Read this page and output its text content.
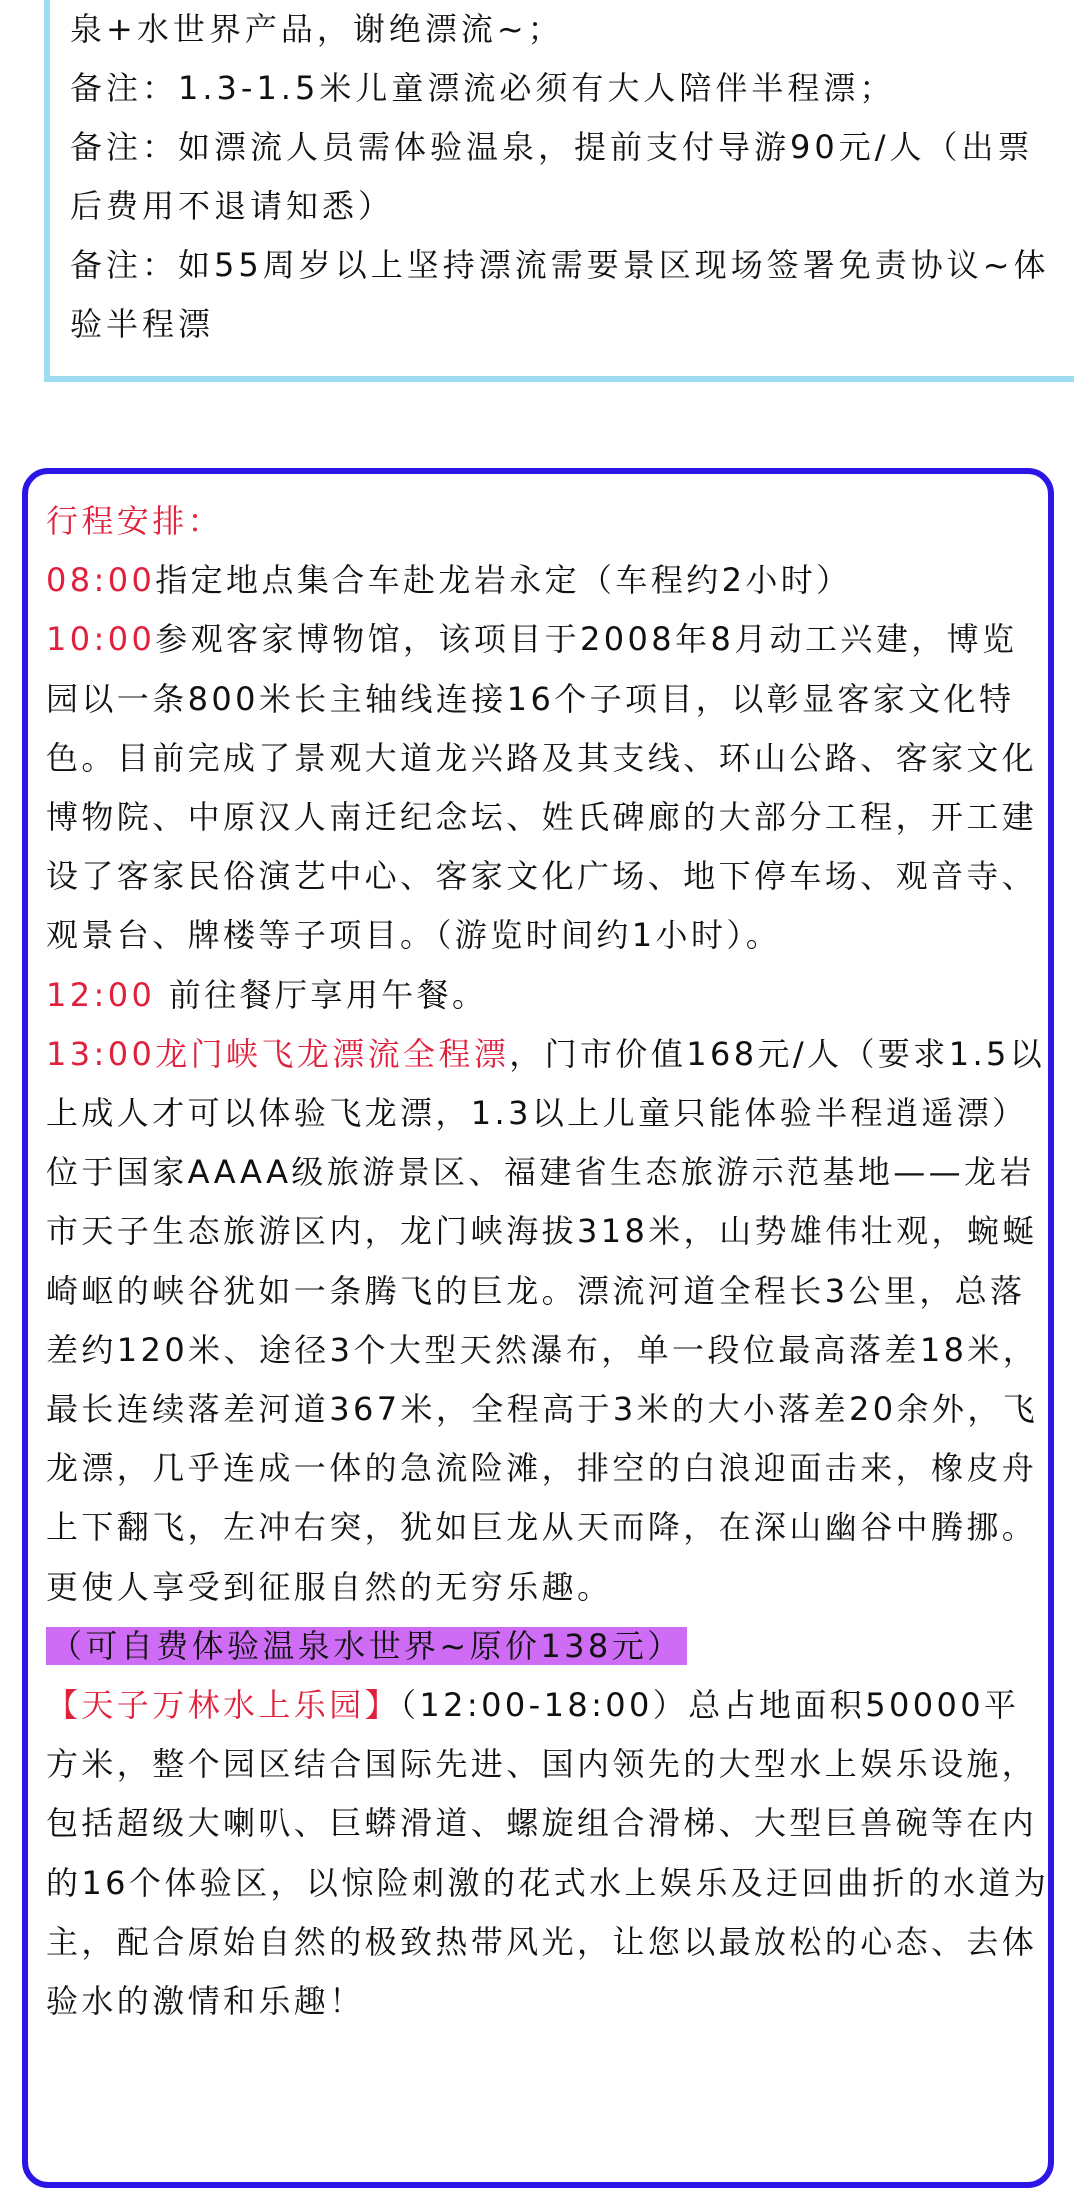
泉+水世界产品，谢绝漂流~；

备注：1.3-1.5米儿童漂流必须有大人陪伴半程漂；

备注：如漂流人员需体验温泉，提前支付导游90元/人（出票后费用不退请知悉）

备注：如55周岁以上坚持漂流需要景区现场签署免责协议~体验半程漂

行程安排：

08:00指定地点集合车赴龙岩永定（车程约2小时）

10:00参观客家博物馆，该项目于2008年8月动工兴建，博览园以一条800米长主轴线连接16个子项目，以彰显客家文化特色。目前完成了景观大道龙兴路及其支线、环山公路、客家文化博物院、中原汉人南迁纪念坛、姓氏碑廊的大部分工程，开工建设了客家民俗演艺中心、客家文化广场、地下停车场、观音寺、观景台、牌楼等子项目。（游览时间约1小时）。

12:00 前往餐厅享用午餐。

13:00龙门峡飞龙漂流全程漂，门市价值168元/人（要求1.5以上成人才可以体验飞龙漂，1.3以上儿童只能体验半程逍遥漂）位于国家AAAA级旅游景区、福建省生态旅游示范基地——龙岩市天子生态旅游区内，龙门峡海拔318米，山势雄伟壮观，蜿蜒崎岖的峡谷犹如一条腾飞的巨龙。漂流河道全程长3公里，总落差约120米、途径3个大型天然瀑布，单一段位最高落差18米，最长连续落差河道367米，全程高于3米的大小落差20余外，飞龙漂，几乎连成一体的急流险滩，排空的白浪迎面击来，橡皮舟上下翻飞，左冲右突，犹如巨龙从天而降，在深山幽谷中腾挪。更使人享受到征服自然的无穷乐趣。

（可自费体验温泉水世界~原价138元）

【天子万林水上乐园】（12:00-18:00）总占地面积50000平方米，整个园区结合国际先进、国内领先的大型水上娱乐设施，包括超级大喇叭、巨蟒滑道、螺旋组合滑梯、大型巨兽碗等在内的16个体验区，以惊险刺激的花式水上娱乐及迂回曲折的水道为主，配合原始自然的极致热带风光，让您以最放松的心态、去体验水的激情和乐趣！
